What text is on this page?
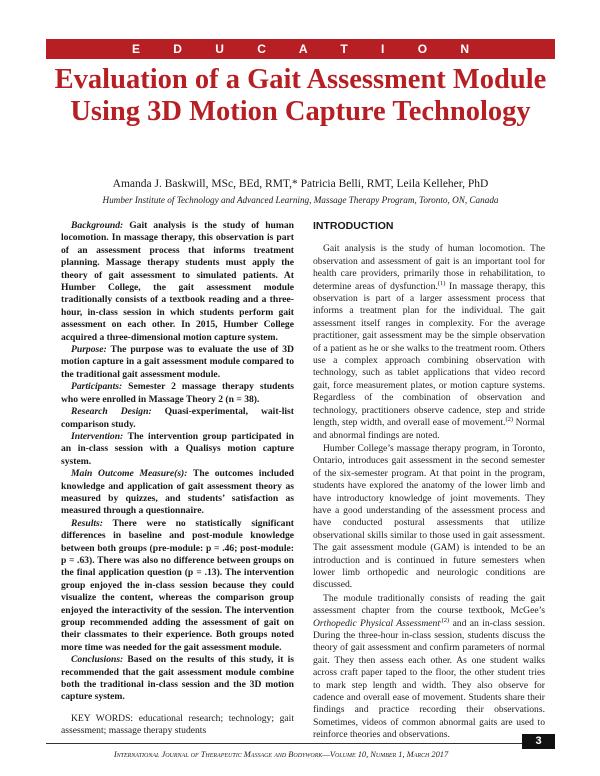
E D U C A T I O N
Evaluation of a Gait Assessment Module Using 3D Motion Capture Technology
Amanda J. Baskwill, MSc, BEd, RMT,* Patricia Belli, RMT, Leila Kelleher, PhD
Humber Institute of Technology and Advanced Learning, Massage Therapy Program, Toronto, ON, Canada

Background: Gait analysis is the study of human locomotion. In massage therapy, this observation is part of an assessment process that informs treatment planning. Massage therapy students must apply the theory of gait assessment to simulated patients. At Humber College, the gait assessment module traditionally consists of a textbook reading and a three-hour, in-class session in which students perform gait assessment on each other. In 2015, Humber College acquired a three-dimensional motion capture system.

Purpose: The purpose was to evaluate the use of 3D motion capture in a gait assessment module compared to the traditional gait assessment module.

Participants: Semester 2 massage therapy students who were enrolled in Massage Theory 2 (n = 38).

Research Design: Quasi-experimental, wait-list comparison study.

Intervention: The intervention group participated in an in-class session with a Qualisys motion capture system.

Main Outcome Measure(s): The outcomes included knowledge and application of gait assessment theory as measured by quizzes, and students’ satisfaction as measured through a questionnaire.

Results: There were no statistically significant differences in baseline and post-module knowledge between both groups (pre-module: p = .46; post-module: p = .63). There was also no difference between groups on the final application question (p = .13). The intervention group enjoyed the in-class session because they could visualize the content, whereas the comparison group enjoyed the interactivity of the session. The intervention group recommended adding the assessment of gait on their classmates to their experience. Both groups noted more time was needed for the gait assessment module.

Conclusions: Based on the results of this study, it is recommended that the gait assessment module combine both the traditional in-class session and the 3D motion capture system.

KEY WORDS: educational research; technology; gait assessment; massage therapy students

INTRODUCTION

Gait analysis is the study of human locomotion. The observation and assessment of gait is an important tool for health care providers, primarily those in rehabilitation, to determine areas of dysfunction.$^{(1)}$ In massage therapy, this observation is part of a larger assessment process that informs a treatment plan for the individual. The gait assessment itself ranges in complexity. For the average practitioner, gait assessment may be the simple observation of a patient as he or she walks to the treatment room. Others use a complex approach combining observation with technology, such as tablet applications that video record gait, force measurement plates, or motion capture systems. Regardless of the combination of observation and technology, practitioners observe cadence, step and stride length, step width, and overall ease of movement.$^{(2)}$ Normal and abnormal findings are noted.

Humber College’s massage therapy program, in Toronto, Ontario, introduces gait assessment in the second semester of the six-semester program. At that point in the program, students have explored the anatomy of the lower limb and have introductory knowledge of joint movements. They have a good understanding of the assessment process and have conducted postural assessments that utilize observational skills similar to those used in gait assessment. The gait assessment module (GAM) is intended to be an introduction and is continued in future semesters when lower limb orthopedic and neurologic conditions are discussed.

The module traditionally consists of reading the gait assessment chapter from the course textbook, McGee’s Orthopedic Physical Assessment$^{,(2)}$ and an in-class session. During the three-hour in-class session, students discuss the theory of gait assessment and confirm parameters of normal gait. They then assess each other. As one student walks across craft paper taped to the floor, the other student tries to mark step length and width. They also observe for cadence and overall ease of movement. Students share their findings and practice recording their observations. Sometimes, videos of common abnormal gaits are used to reinforce theories and observations.

International Journal of Therapeutic Massage and Bodywork—Volume 10, Number 1, March 2017
3
